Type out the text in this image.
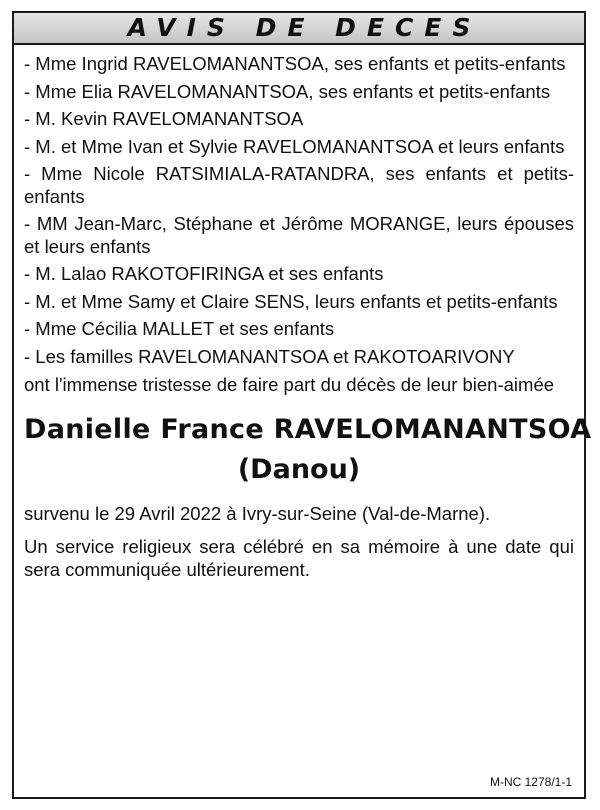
AVIS DE DECES
- Mme Ingrid RAVELOMANANTSOA, ses enfants et petits-enfants
- Mme Elia RAVELOMANANTSOA, ses enfants et petits-enfants
- M. Kevin RAVELOMANANTSOA
- M. et Mme Ivan et Sylvie RAVELOMANANTSOA et leurs enfants
- Mme Nicole RATSIMIALA-RATANDRA, ses enfants et petits-enfants
- MM Jean-Marc, Stéphane et Jérôme MORANGE, leurs épouses et leurs enfants
- M. Lalao RAKOTOFIRINGA et ses enfants
- M. et Mme Samy et Claire SENS, leurs enfants et petits-enfants
- Mme Cécilia MALLET et ses enfants
- Les familles RAVELOMANANTSOA et RAKOTOARIVONY
ont l'immense tristesse de faire part du décès de leur bien-aimée
Danielle France RAVELOMANANTSOA
(Danou)
survenu le 29 Avril 2022 à Ivry-sur-Seine (Val-de-Marne).
Un service religieux sera célébré en sa mémoire à une date qui sera communiquée ultérieurement.
M-NC 1278/1-1
